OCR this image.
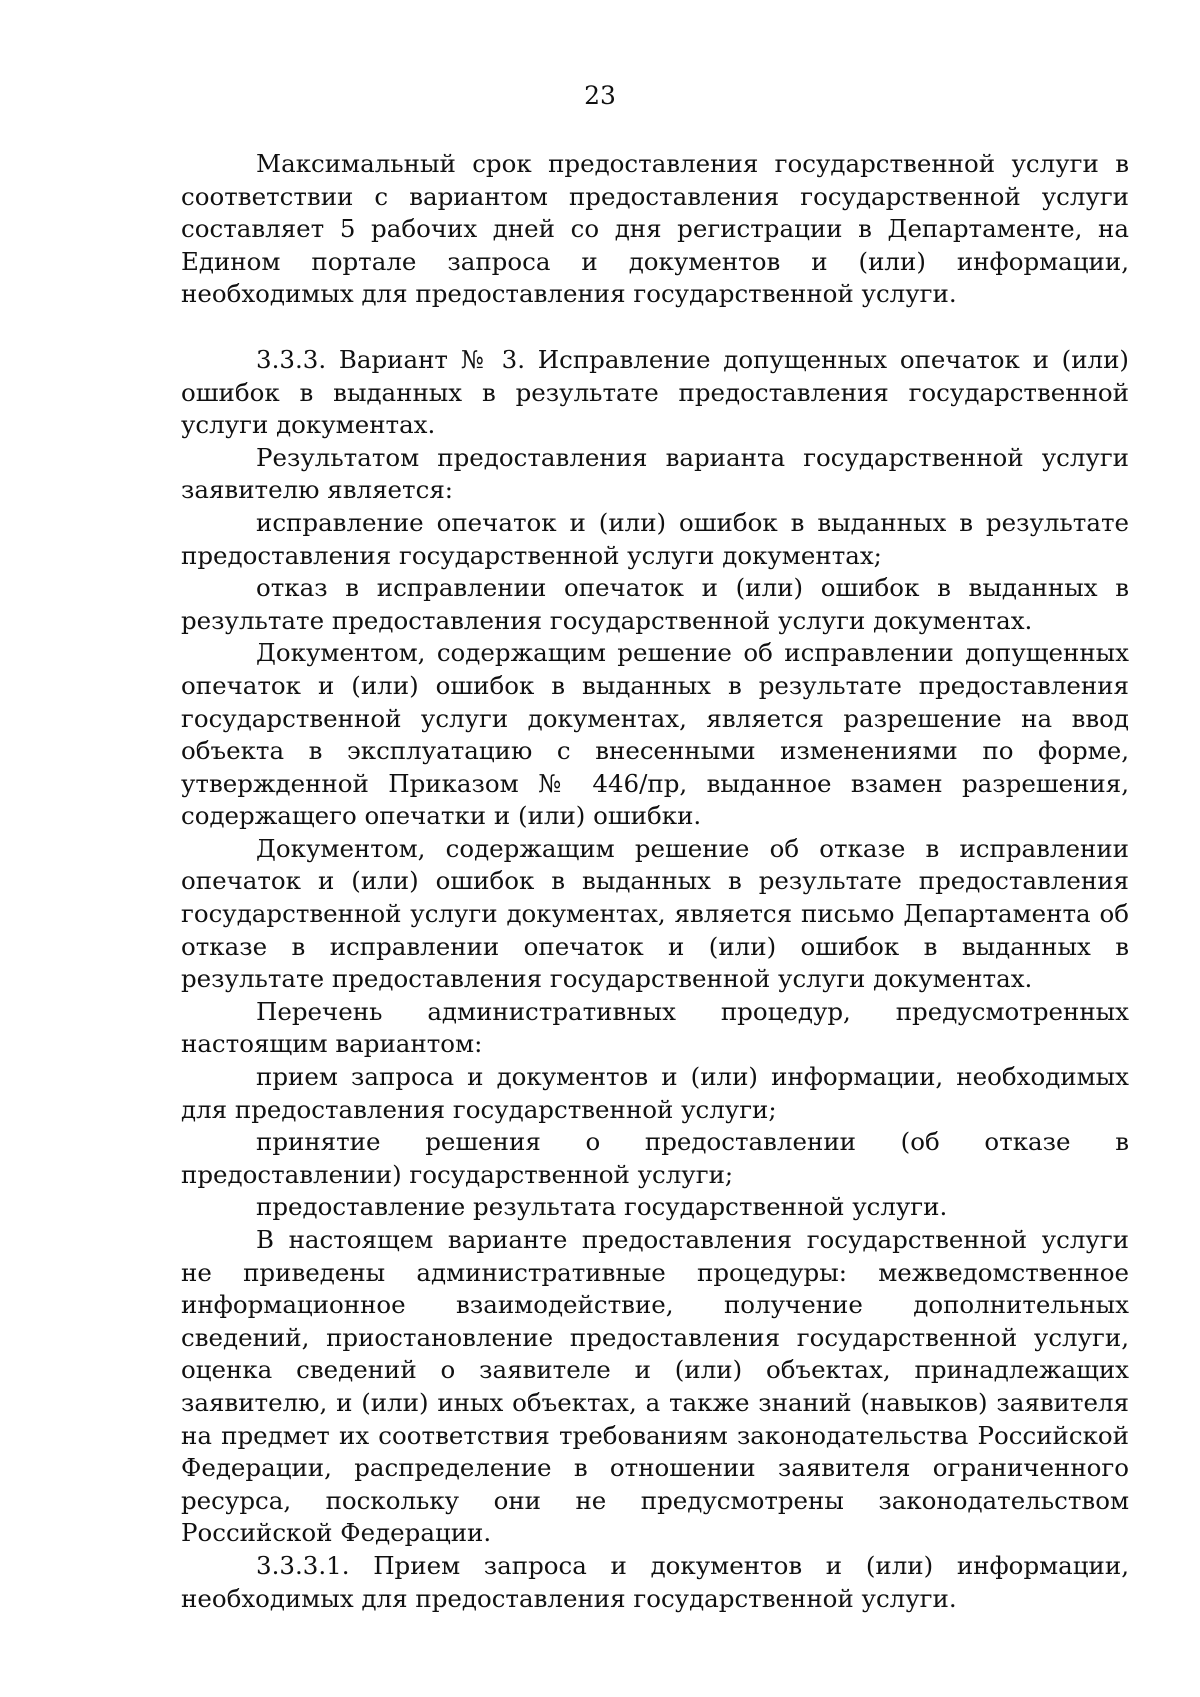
23

Максимальный срок предоставления государственной услуги в соответствии с вариантом предоставления государственной услуги составляет 5 рабочих дней со дня регистрации в Департаменте, на Едином портале запроса и документов и (или) информации, необходимых для предоставления государственной услуги.

3.3.3. Вариант № 3. Исправление допущенных опечаток и (или) ошибок в выданных в результате предоставления государственной услуги документах.

Результатом предоставления варианта государственной услуги заявителю является:

исправление опечаток и (или) ошибок в выданных в результате предоставления государственной услуги документах;

отказ в исправлении опечаток и (или) ошибок в выданных в результате предоставления государственной услуги документах.

Документом, содержащим решение об исправлении допущенных опечаток и (или) ошибок в выданных в результате предоставления государственной услуги документах, является разрешение на ввод объекта в эксплуатацию с внесенными изменениями по форме, утвержденной Приказом № 446/пр, выданное взамен разрешения, содержащего опечатки и (или) ошибки.

Документом, содержащим решение об отказе в исправлении опечаток и (или) ошибок в выданных в результате предоставления государственной услуги документах, является письмо Департамента об отказе в исправлении опечаток и (или) ошибок в выданных в результате предоставления государственной услуги документах.

Перечень административных процедур, предусмотренных настоящим вариантом:

прием запроса и документов и (или) информации, необходимых для предоставления государственной услуги;

принятие решения о предоставлении (об отказе в предоставлении) государственной услуги;

предоставление результата государственной услуги.

В настоящем варианте предоставления государственной услуги не приведены административные процедуры: межведомственное информационное взаимодействие, получение дополнительных сведений, приостановление предоставления государственной услуги, оценка сведений о заявителе и (или) объектах, принадлежащих заявителю, и (или) иных объектах, а также знаний (навыков) заявителя на предмет их соответствия требованиям законодательства Российской Федерации, распределение в отношении заявителя ограниченного ресурса, поскольку они не предусмотрены законодательством Российской Федерации.

3.3.3.1. Прием запроса и документов и (или) информации, необходимых для предоставления государственной услуги.
